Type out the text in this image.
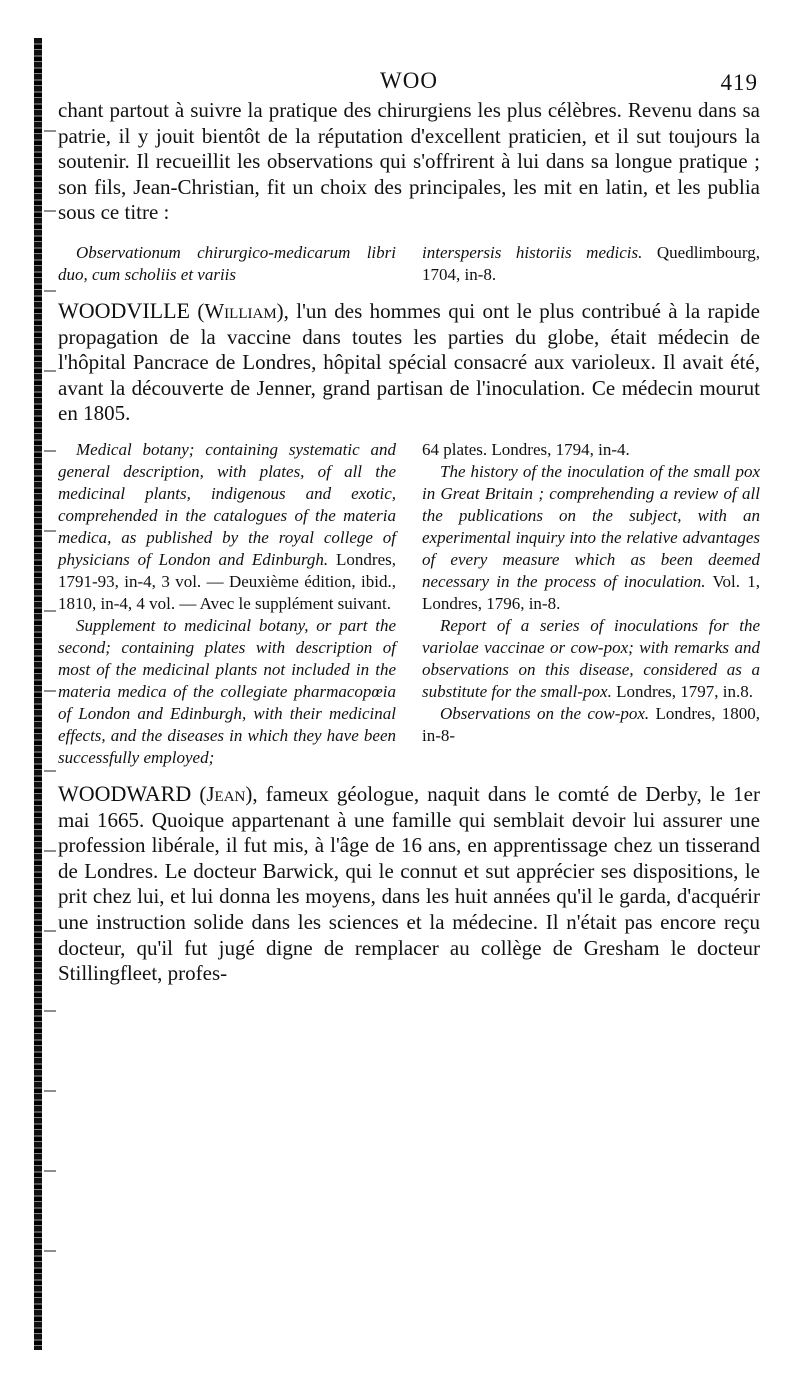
WOO	419

chant partout à suivre la pratique des chirurgiens les plus célèbres. Revenu dans sa patrie, il y jouit bientôt de la réputation d'excellent praticien, et il sut toujours la soutenir. Il recueillit les observations qui s'offrirent à lui dans sa longue pratique ; son fils, Jean-Christian, fit un choix des principales, les mit en latin, et les publia sous ce titre :

Observationum chirurgico-medicarum libri duo, cum scholiis et variis

interspersis historiis medicis. Quedlimbourg, 1704, in-8.

WOODVILLE (William), l'un des hommes qui ont le plus contribué à la rapide propagation de la vaccine dans toutes les parties du globe, était médecin de l'hôpital Pancrace de Londres, hôpital spécial consacré aux varioleux. Il avait été, avant la découverte de Jenner, grand partisan de l'inoculation. Ce médecin mourut en 1805.

Medical botany; containing systematic and general description, with plates, of all the medicinal plants, indigenous and exotic, comprehended in the catalogues of the materia medica, as published by the royal college of physicians of London and Edinburgh. Londres, 1791-93, in-4, 3 vol. — Deuxième édition, ibid., 1810, in-4, 4 vol. — Avec le supplément suivant.

Supplement to medicinal botany, or part the second; containing plates with description of most of the medicinal plants not included in the materia medica of the collegiate pharmacopœia of London and Edinburgh, with their medicinal effects, and the diseases in which they have been successfully employed;

64 plates. Londres, 1794, in-4.

The history of the inoculation of the small pox in Great Britain ; comprehending a review of all the publications on the subject, with an experimental inquiry into the relative advantages of every measure which as been deemed necessary in the process of inoculation. Vol. 1, Londres, 1796, in-8.

Report of a series of inoculations for the variolae vaccinae or cow-pox; with remarks and observations on this disease, considered as a substitute for the small-pox. Londres, 1797, in.8.

Observations on the cow-pox. Londres, 1800, in-8-

WOODWARD (Jean), fameux géologue, naquit dans le comté de Derby, le 1er mai 1665. Quoique appartenant à une famille qui semblait devoir lui assurer une profession libérale, il fut mis, à l'âge de 16 ans, en apprentissage chez un tisserand de Londres. Le docteur Barwick, qui le connut et sut apprécier ses dispositions, le prit chez lui, et lui donna les moyens, dans les huit années qu'il le garda, d'acquérir une instruction solide dans les sciences et la médecine. Il n'était pas encore reçu docteur, qu'il fut jugé digne de remplacer au collège de Gresham le docteur Stillingfleet, profes-
